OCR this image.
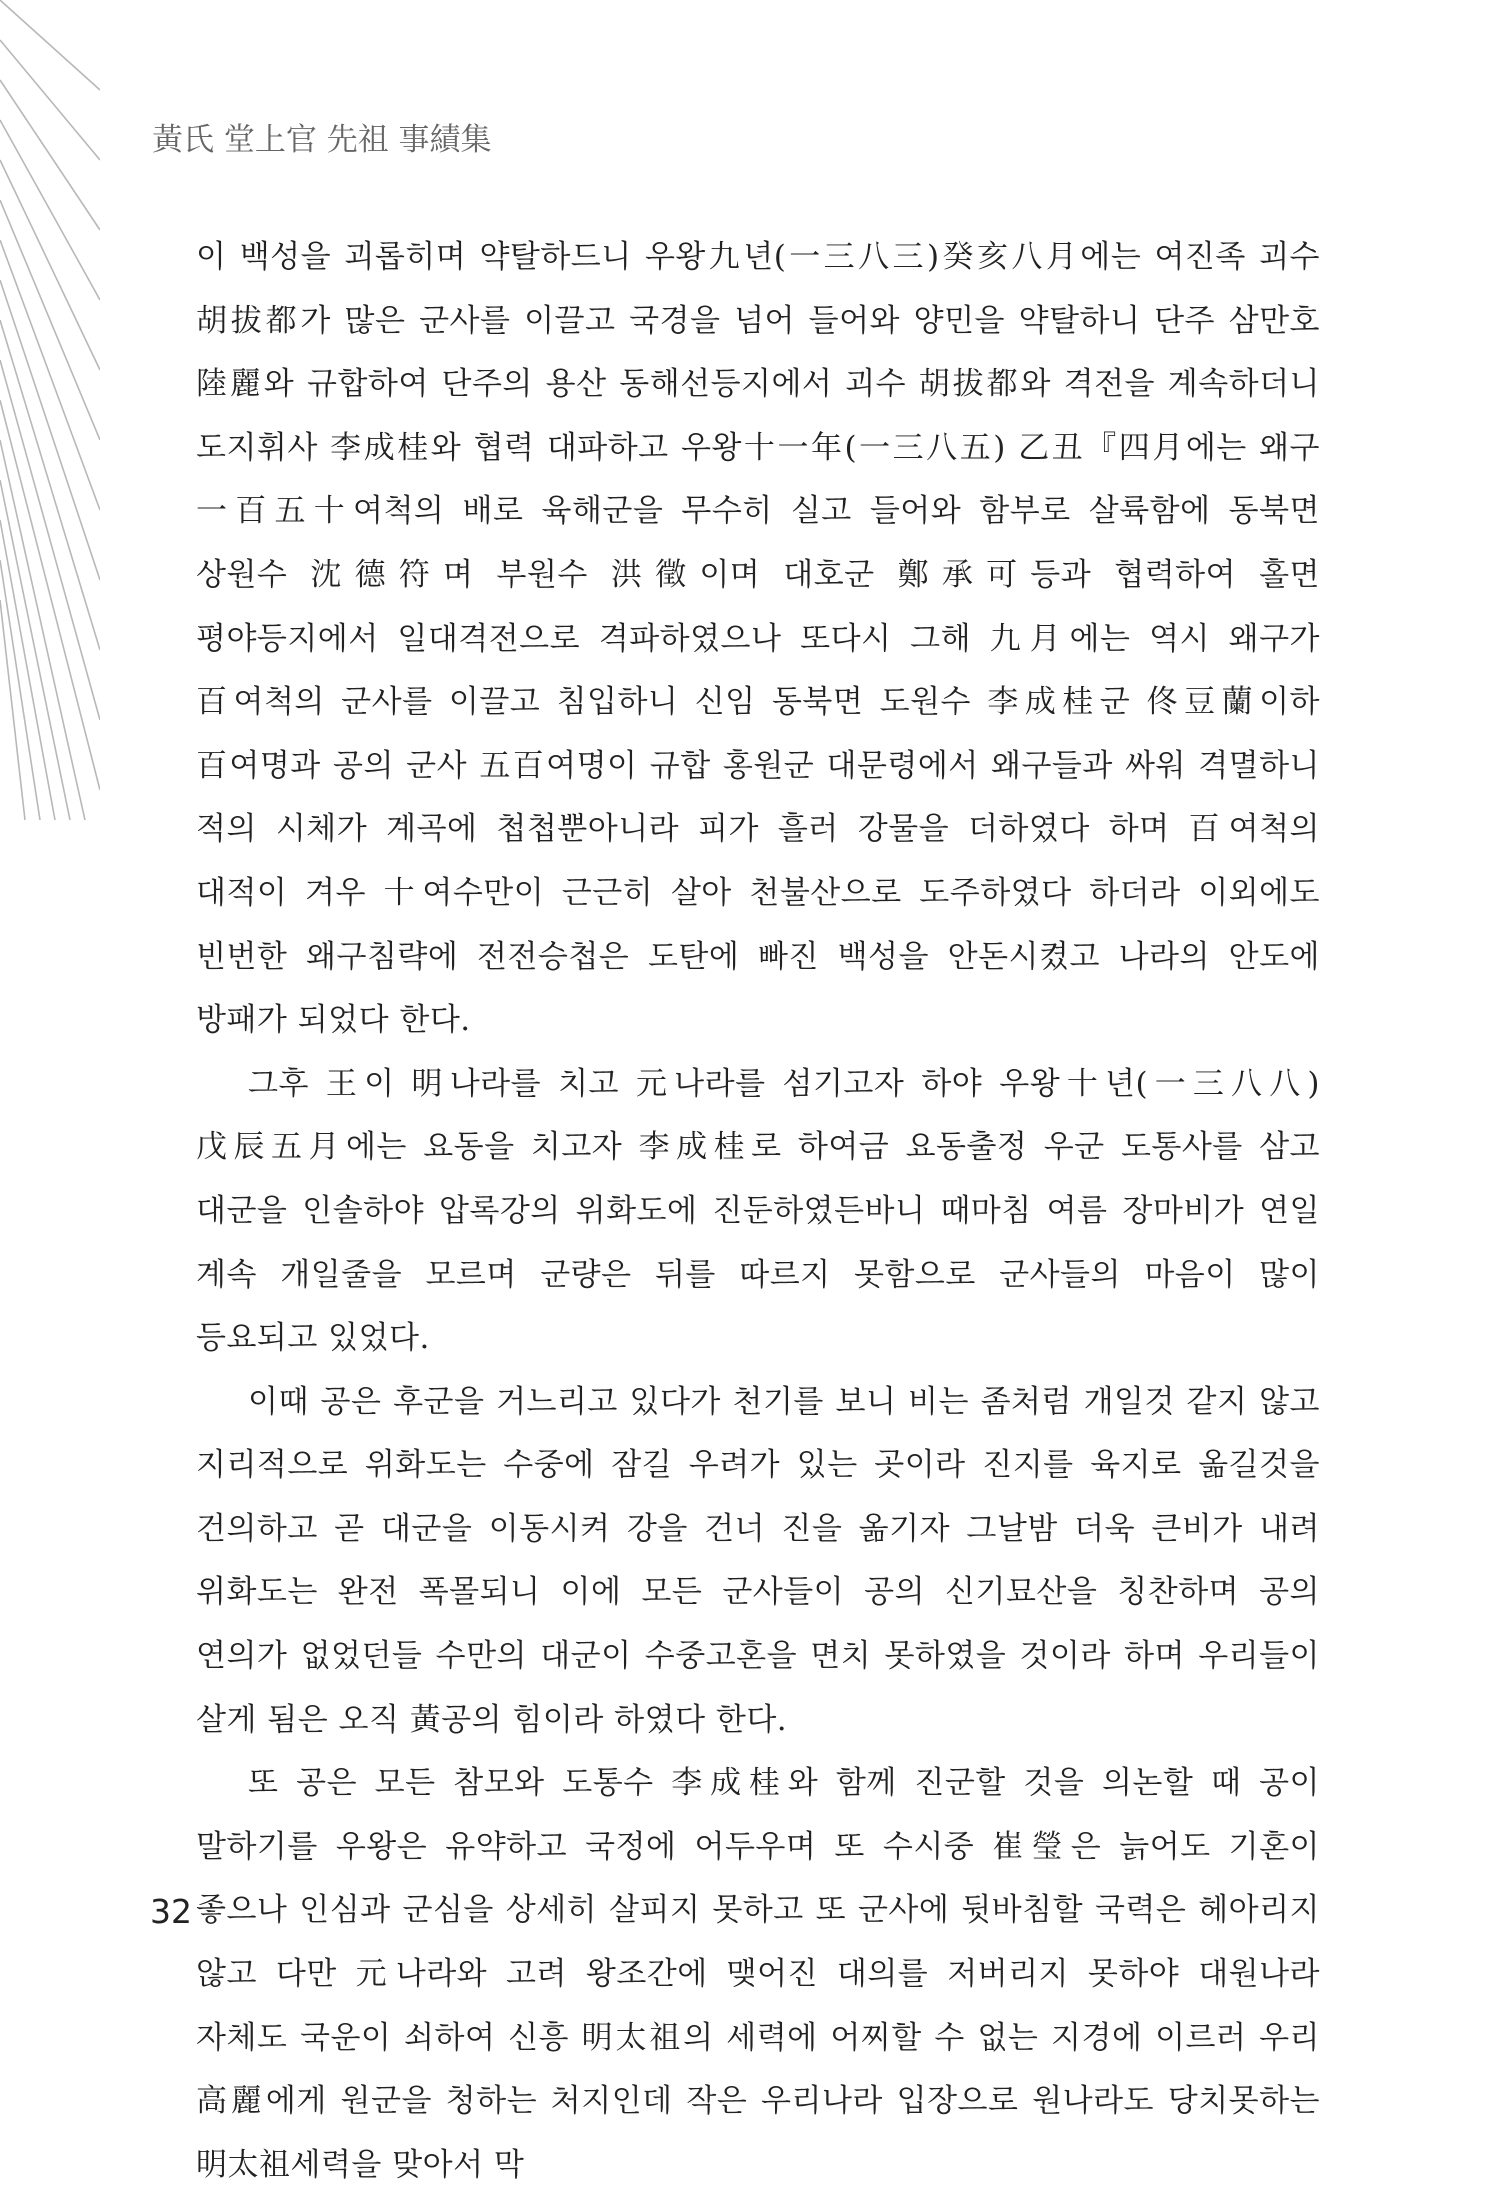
黃氏 堂上官 先祖 事績集

이 백성을 괴롭히며 약탈하드니 우왕九년(一三八三)癸亥八月에는 여진족 괴수 胡拔都가 많은 군사를 이끌고 국경을 넘어 들어와 양민을 약탈하니 단주 삼만호 陸麗와 규합하여 단주의 용산 동해선등지에서 괴수 胡拔都와 격전을 계속하더니 도지휘사 李成桂와 협력 대파하고 우왕十一年(一三八五) 乙丑『四月에는 왜구 一百五十여척의 배로 육해군을 무수히 실고 들어와 함부로 살륙함에 동북면 상원수 沈德符며 부원수 洪徵이며 대호군 鄭承可등과 협력하여 홀면 평야등지에서 일대격전으로 격파하였으나 또다시 그해 九月에는 역시 왜구가 百여척의 군사를 이끌고 침입하니 신임 동북면 도원수 李成桂군 佟豆蘭이하 百여명과 공의 군사 五百여명이 규합 홍원군 대문령에서 왜구들과 싸워 격멸하니 적의 시체가 계곡에 첩첩뿐아니라 피가 흘러 강물을 더하였다 하며 百여척의 대적이 겨우 十여수만이 근근히 살아 천불산으로 도주하였다 하더라 이외에도 빈번한 왜구침략에 전전승첩은 도탄에 빠진 백성을 안돈시켰고 나라의 안도에 방패가 되었다 한다.

그후 王이 明나라를 치고 元나라를 섬기고자 하야 우왕十년(一三八八)戊辰五月에는 요동을 치고자 李成桂로 하여금 요동출정 우군 도통사를 삼고 대군을 인솔하야 압록강의 위화도에 진둔하였든바니 때마침 여름 장마비가 연일 계속 개일줄을 모르며 군량은 뒤를 따르지 못함으로 군사들의 마음이 많이 등요되고 있었다.

이때 공은 후군을 거느리고 있다가 천기를 보니 비는 좀처럼 개일것 같지 않고 지리적으로 위화도는 수중에 잠길 우려가 있는 곳이라 진지를 육지로 옮길것을 건의하고 곧 대군을 이동시켜 강을 건너 진을 옮기자 그날밤 더욱 큰비가 내려 위화도는 완전 폭몰되니 이에 모든 군사들이 공의 신기묘산을 칭찬하며 공의 연의가 없었던들 수만의 대군이 수중고혼을 면치 못하였을 것이라 하며 우리들이 살게 됨은 오직 黃공의 힘이라 하였다 한다.

또 공은 모든 참모와 도통수 李成桂와 함께 진군할 것을 의논할 때 공이 말하기를 우왕은 유약하고 국정에 어두우며 또 수시중 崔瑩은 늙어도 기혼이 좋으나 인심과 군심을 상세히 살피지 못하고 또 군사에 뒷바침할 국력은 헤아리지 않고 다만 元나라와 고려 왕조간에 맺어진 대의를 저버리지 못하야 대원나라 자체도 국운이 쇠하여 신흥 明太祖의 세력에 어찌할 수 없는 지경에 이르러 우리 高麗에게 원군을 청하는 처지인데 작은 우리나라 입장으로 원나라도 당치못하는 明太祖세력을 맞아서 막

32
